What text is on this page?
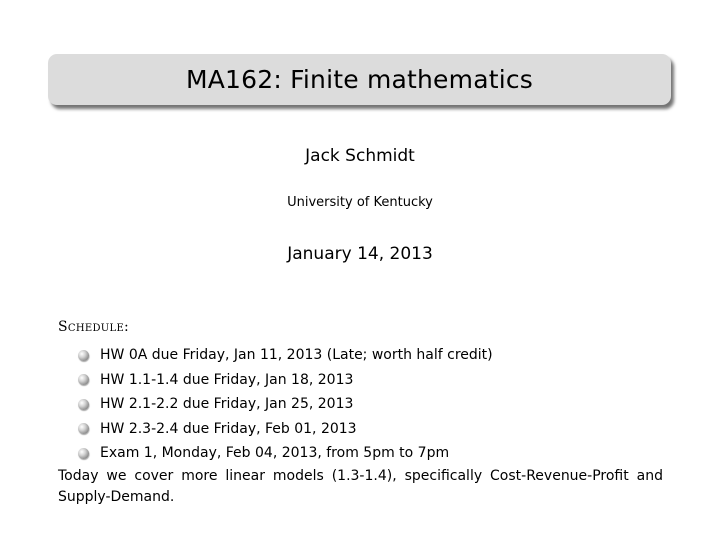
MA162: Finite mathematics
Jack Schmidt
University of Kentucky
January 14, 2013
Schedule:
HW 0A due Friday, Jan 11, 2013 (Late; worth half credit)
HW 1.1-1.4 due Friday, Jan 18, 2013
HW 2.1-2.2 due Friday, Jan 25, 2013
HW 2.3-2.4 due Friday, Feb 01, 2013
Exam 1, Monday, Feb 04, 2013, from 5pm to 7pm
Today we cover more linear models (1.3-1.4), specifically Cost-Revenue-Profit and Supply-Demand.
